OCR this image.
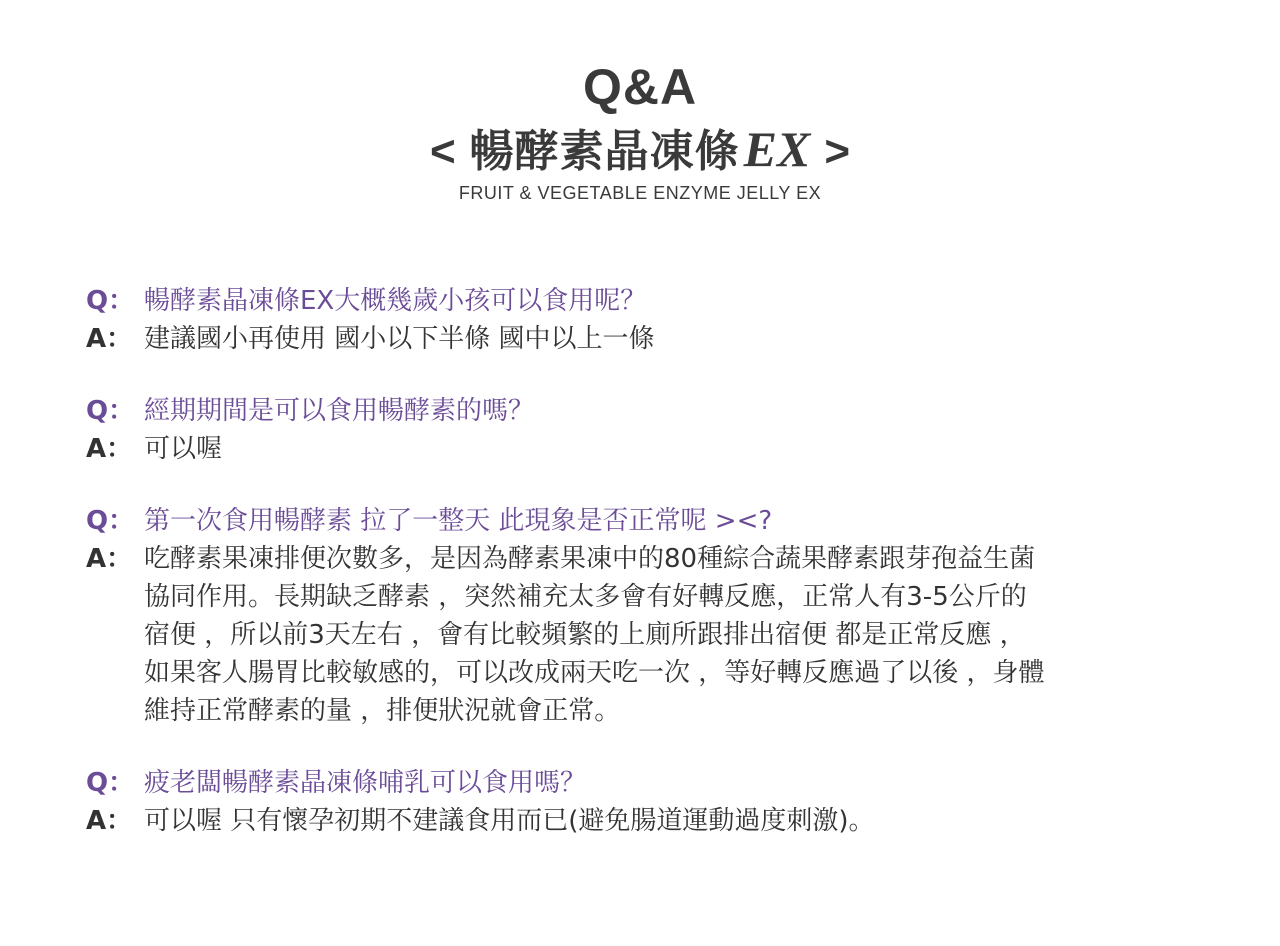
Q&A
< 暢酵素晶凍條 EX >
FRUIT & VEGETABLE ENZYME JELLY EX
Q： 暢酵素晶凍條EX大概幾歲小孩可以食用呢？
A： 建議國小再使用 國小以下半條 國中以上一條
Q： 經期期間是可以食用暢酵素的嗎？
A： 可以喔
Q： 第一次食用暢酵素 拉了一整天 此現象是否正常呢 ><?
A： 吃酵素果凍排便次數多，是因為酵素果凍中的80種綜合蔬果酵素跟芽孢益生菌
協同作用。長期缺乏酵素 ，突然補充太多會有好轉反應，正常人有3-5公斤的
宿便 ，所以前3天左右 ，會有比較頻繁的上廁所跟排出宿便 都是正常反應 ，
如果客人腸胃比較敏感的，可以改成兩天吃一次 ，等好轉反應過了以後 ，身體
維持正常酵素的量 ，排便狀況就會正常。
Q： 疲老闆暢酵素晶凍條哺乳可以食用嗎？
A： 可以喔 只有懷孕初期不建議食用而已(避免腸道運動過度刺激)。
